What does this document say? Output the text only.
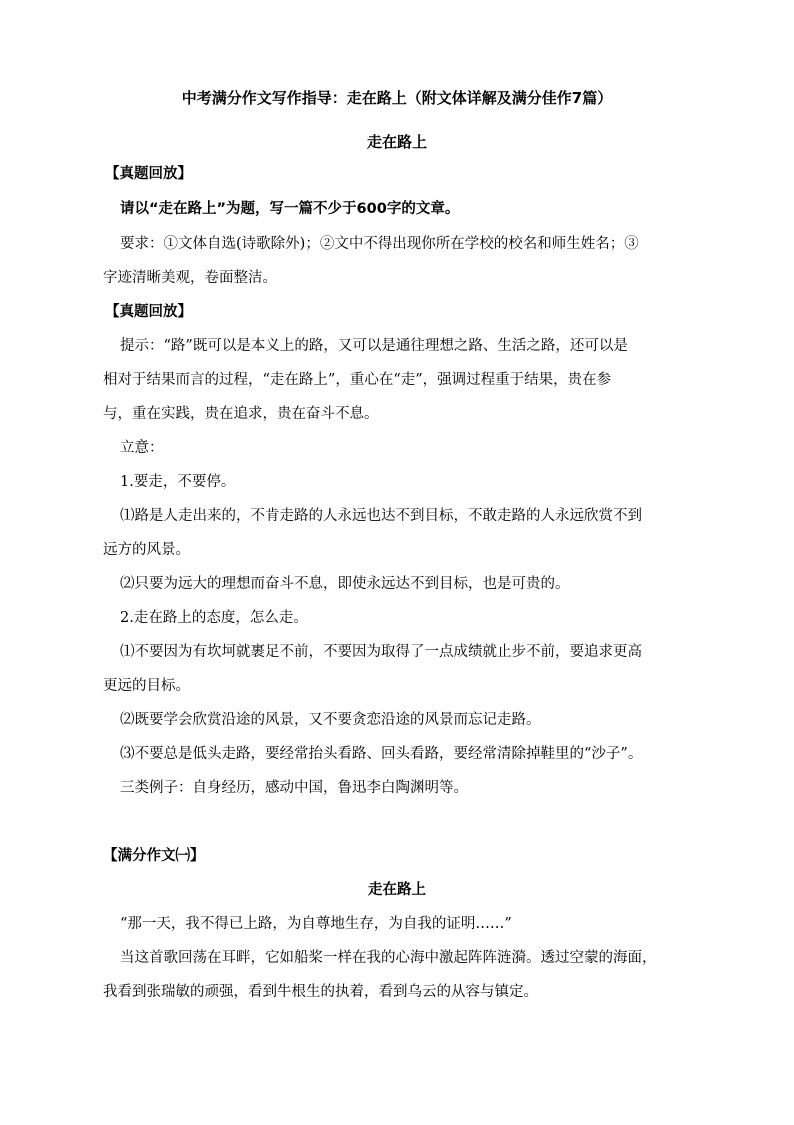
中考满分作文写作指导：走在路上（附文体详解及满分佳作7篇）
走在路上
【真题回放】
请以“走在路上”为题，写一篇不少于600字的文章。
要求：①文体自选(诗歌除外)；②文中不得出现你所在学校的校名和师生姓名；③
字迹清晰美观，卷面整洁。
【真题回放】
提示：“路”既可以是本义上的路，又可以是通往理想之路、生活之路，还可以是
相对于结果而言的过程，“走在路上”，重心在“走”，强调过程重于结果，贵在参
与，重在实践，贵在追求，贵在奋斗不息。
立意：
1.要走，不要停。
⑴路是人走出来的，不肯走路的人永远也达不到目标，不敢走路的人永远欣赏不到
远方的风景。
⑵只要为远大的理想而奋斗不息，即使永远达不到目标，也是可贵的。
2.走在路上的态度，怎么走。
⑴不要因为有坎坷就裹足不前，不要因为取得了一点成绩就止步不前，要追求更高
更远的目标。
⑵既要学会欣赏沿途的风景，又不要贪恋沿途的风景而忘记走路。
⑶不要总是低头走路，要经常抬头看路、回头看路，要经常清除掉鞋里的“沙子”。
三类例子：自身经历，感动中国，鲁迅李白陶渊明等。
【满分作文㈠】
走在路上
“那一天，我不得已上路，为自尊地生存，为自我的证明……”
当这首歌回荡在耳畔，它如船桨一样在我的心海中激起阵阵涟漪。透过空蒙的海面，
我看到张瑞敏的顽强，看到牛根生的执着，看到乌云的从容与镇定。
